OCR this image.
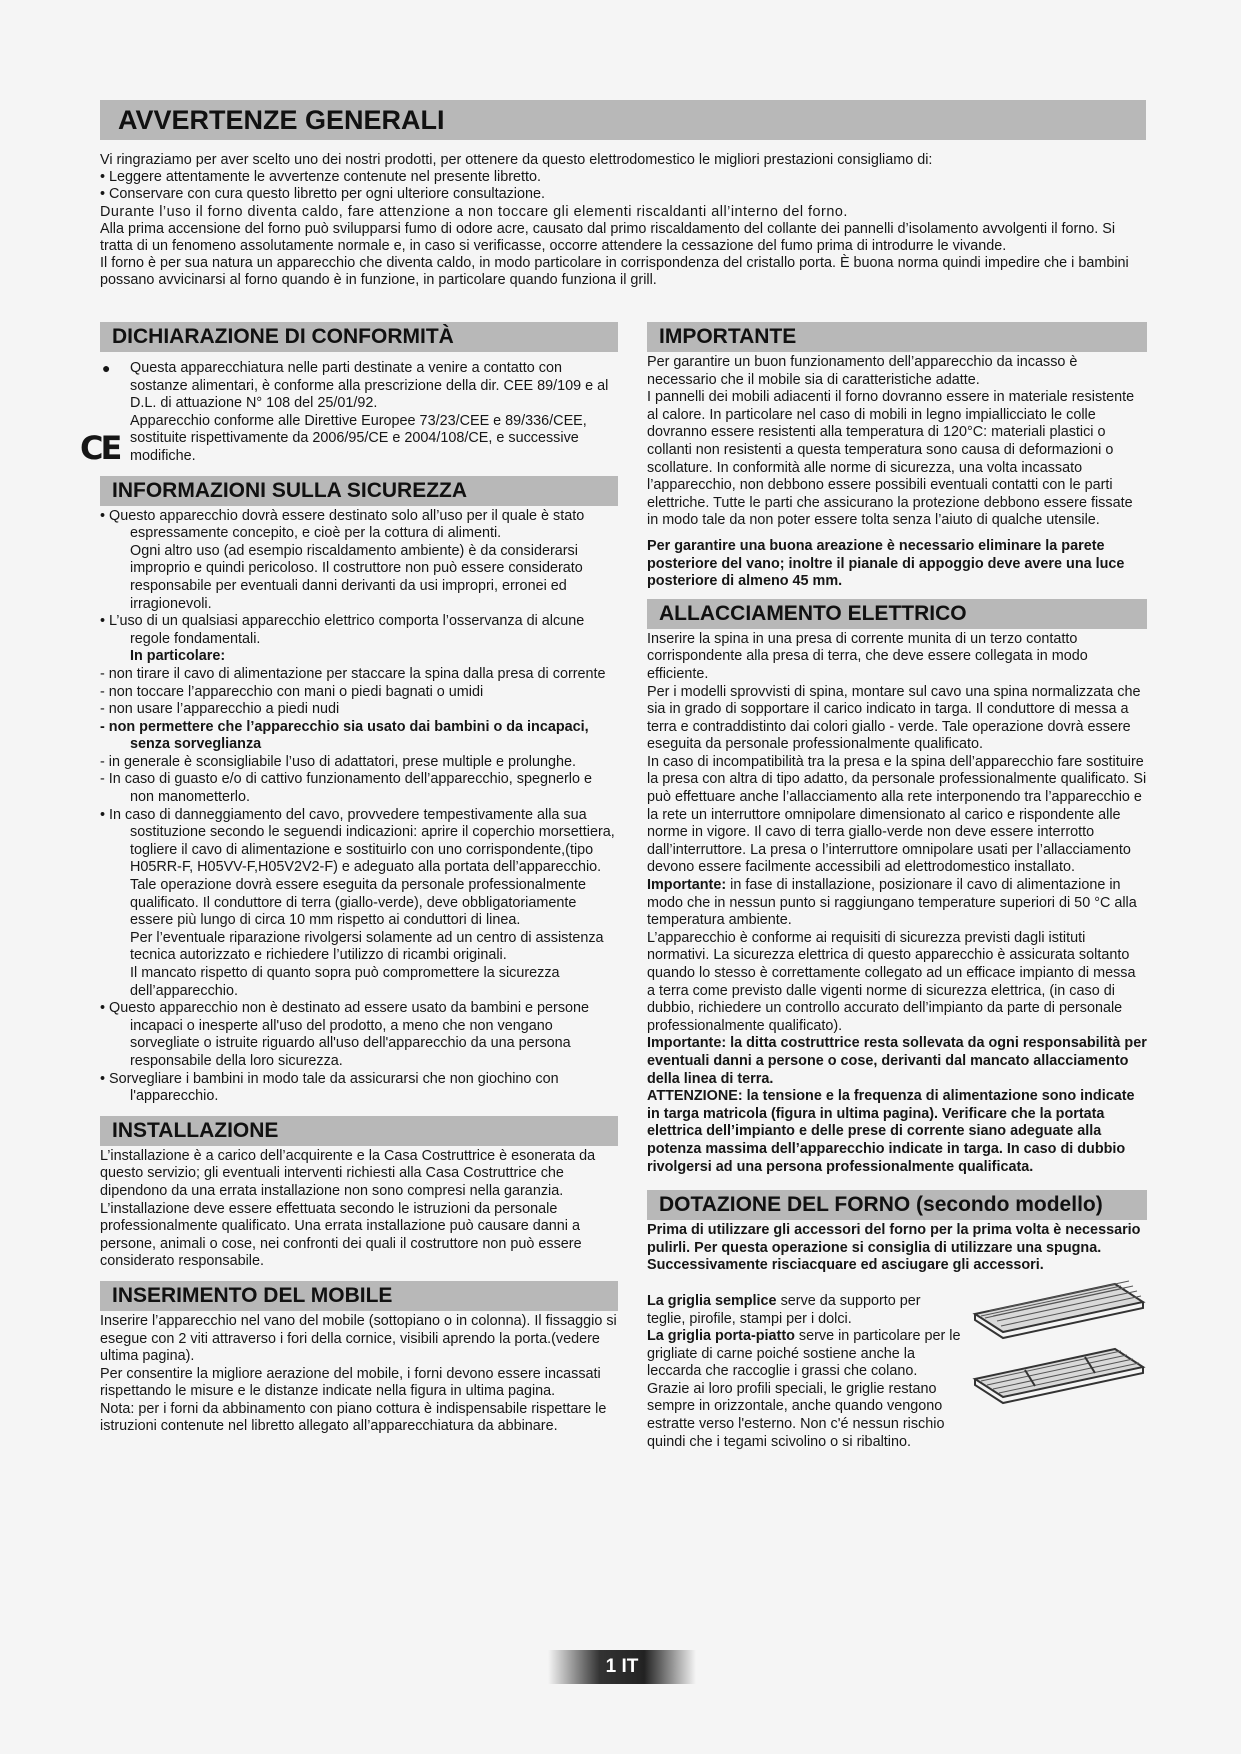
AVVERTENZE GENERALI

Vi ringraziamo per aver scelto uno dei nostri prodotti, per ottenere da questo elettrodomestico le migliori prestazioni consigliamo di:

• Leggere attentamente le avvertenze contenute nel presente libretto.

• Conservare con cura questo libretto per ogni ulteriore consultazione.

Durante l’uso il forno diventa caldo, fare attenzione a non toccare gli elementi riscaldanti all’interno del forno.

Alla prima accensione del forno può svilupparsi fumo di odore acre, causato dal primo riscaldamento del collante dei pannelli d’isolamento avvolgenti il forno. Si tratta di un fenomeno assolutamente normale e, in caso si verificasse, occorre attendere la cessazione del fumo prima di introdurre le vivande.

Il forno è per sua natura un apparecchio che diventa caldo, in modo particolare in corrispondenza del cristallo porta. È buona norma quindi impedire che i bambini possano avvicinarsi al forno quando è in funzione, in particolare quando funziona il grill.

DICHIARAZIONE DI CONFORMITÀ
CE
● Questa apparecchiatura nelle parti destinate a venire a contatto con sostanze alimentari, è conforme alla prescrizione della dir. CEE 89/109 e al D.L. di attuazione N° 108 del 25/01/92.

Apparecchio conforme alle Direttive Europee 73/23/CEE e 89/336/CEE, sostituite rispettivamente da 2006/95/CE e 2004/108/CE, e successive modifiche.

INFORMAZIONI SULLA SICUREZZA

• Questo apparecchio dovrà essere destinato solo all’uso per il quale è stato espressamente concepito, e cioè per la cottura di alimenti.

Ogni altro uso (ad esempio riscaldamento ambiente) è da considerarsi improprio e quindi pericoloso. Il costruttore non può essere considerato responsabile per eventuali danni derivanti da usi impropri, erronei ed irragionevoli.

• L’uso di un qualsiasi apparecchio elettrico comporta l’osservanza di alcune regole fondamentali.

In particolare:

- non tirare il cavo di alimentazione per staccare la spina dalla presa di corrente

- non toccare l’apparecchio con mani o piedi bagnati o umidi

- non usare l’apparecchio a piedi nudi

- non permettere che l’apparecchio sia usato dai bambini o da incapaci, senza sorveglianza

- in generale è sconsigliabile l’uso di adattatori, prese multiple e prolunghe.

- In caso di guasto e/o di cattivo funzionamento dell’apparecchio, spegnerlo e non manometterlo.

• In caso di danneggiamento del cavo, provvedere tempestivamente alla sua sostituzione secondo le seguendi indicazioni: aprire il coperchio morsettiera, togliere il cavo di alimentazione e sostituirlo con uno corrispondente,(tipo H05RR-F, H05VV-F,H05V2V2-F) e adeguato alla portata dell’apparecchio. Tale operazione dovrà essere eseguita da personale professionalmente qualificato. Il conduttore di terra (giallo-verde), deve obbligatoriamente essere più lungo di circa 10 mm rispetto ai conduttori di linea.

Per l’eventuale riparazione rivolgersi solamente ad un centro di assistenza tecnica autorizzato e richiedere l’utilizzo di ricambi originali.

Il mancato rispetto di quanto sopra può compromettere la sicurezza dell’apparecchio.

• Questo apparecchio non è destinato ad essere usato da bambini e persone incapaci o inesperte all'uso del prodotto, a meno che non vengano sorvegliate o istruite riguardo all'uso dell'apparecchio da una persona responsabile della loro sicurezza.

• Sorvegliare i bambini in modo tale da assicurarsi che non giochino con l'apparecchio.

INSTALLAZIONE

L’installazione è a carico dell’acquirente e la Casa Costruttrice è esonerata da questo servizio; gli eventuali interventi richiesti alla Casa Costruttrice che dipendono da una errata installazione non sono compresi nella garanzia.

L’installazione deve essere effettuata secondo le istruzioni da personale professionalmente qualificato. Una errata installazione può causare danni a persone, animali o cose, nei confronti dei quali il costruttore non può essere considerato responsabile.

INSERIMENTO DEL MOBILE

Inserire l’apparecchio nel vano del mobile (sottopiano o in colonna). Il fissaggio si esegue con 2 viti attraverso i fori della cornice, visibili aprendo la porta.(vedere ultima pagina).

Per consentire la migliore aerazione del mobile, i forni devono essere incassati rispettando le misure e le distanze indicate nella figura in ultima pagina.

Nota: per i forni da abbinamento con piano cottura è indispensabile rispettare le istruzioni contenute nel libretto allegato all’apparecchiatura da abbinare.

IMPORTANTE

Per garantire un buon funzionamento dell’apparecchio da incasso è necessario che il mobile sia di caratteristiche adatte.

I pannelli dei mobili adiacenti il forno dovranno essere in materiale resistente al calore. In particolare nel caso di mobili in legno impiallicciato le colle dovranno essere resistenti alla temperatura di 120°C: materiali plastici o collanti non resistenti a questa temperatura sono causa di deformazioni o scollature. In conformità alle norme di sicurezza, una volta incassato l’apparecchio, non debbono essere possibili eventuali contatti con le parti elettriche. Tutte le parti che assicurano la protezione debbono essere fissate in modo tale da non poter essere tolta senza l’aiuto di qualche utensile.

Per garantire una buona areazione è necessario eliminare la parete posteriore del vano; inoltre il pianale di appoggio deve avere una luce posteriore di almeno 45 mm.

ALLACCIAMENTO ELETTRICO

Inserire la spina in una presa di corrente munita di un terzo contatto corrispondente alla presa di terra, che deve essere collegata in modo efficiente.

Per i modelli sprovvisti di spina, montare sul cavo una spina normalizzata che sia in grado di sopportare il carico indicato in targa. Il conduttore di messa a terra e contraddistinto dai colori giallo - verde. Tale operazione dovrà essere eseguita da personale professionalmente qualificato.

In caso di incompatibilità tra la presa e la spina dell’apparecchio fare sostituire la presa con altra di tipo adatto, da personale professionalmente qualificato. Si può effettuare anche l’allacciamento alla rete interponendo tra l’apparecchio e la rete un interruttore omnipolare dimensionato al carico e rispondente alle norme in vigore. Il cavo di terra giallo-verde non deve essere interrotto dall’interruttore. La presa o l’interruttore omnipolare usati per l’allacciamento devono essere facilmente accessibili ad elettrodomestico installato.

Importante: in fase di installazione, posizionare il cavo di alimentazione in modo che in nessun punto si raggiungano temperature superiori di 50 °C alla temperatura ambiente.

L’apparecchio è conforme ai requisiti di sicurezza previsti dagli istituti normativi. La sicurezza elettrica di questo apparecchio è assicurata soltanto quando lo stesso è correttamente collegato ad un efficace impianto di messa a terra come previsto dalle vigenti norme di sicurezza elettrica, (in caso di dubbio, richiedere un controllo accurato dell’impianto da parte di personale professionalmente qualificato).

Importante: la ditta costruttrice resta sollevata da ogni responsabilità per eventuali danni a persone o cose, derivanti dal mancato allacciamento della linea di terra.

ATTENZIONE: la tensione e la frequenza di alimentazione sono indicate in targa matricola (figura in ultima pagina). Verificare che la portata elettrica dell’impianto e delle prese di corrente siano adeguate alla potenza massima dell’apparecchio indicate in targa. In caso di dubbio rivolgersi ad una persona professionalmente qualificata.

DOTAZIONE DEL FORNO (secondo modello)

Prima di utilizzare gli accessori del forno per la prima volta è necessario pulirli. Per questa operazione si consiglia di utilizzare una spugna. Successivamente risciacquare ed asciugare gli accessori.

La griglia semplice serve da supporto per teglie, pirofile, stampi per i dolci.

La griglia porta-piatto serve in particolare per le grigliate di carne poiché sostiene anche la leccarda che raccoglie i grassi che colano.

Grazie ai loro profili speciali, le griglie restano sempre in orizzontale, anche quando vengono estratte verso l'esterno. Non c'é nessun rischio quindi che i tegami scivolino o si ribaltino.

1 IT
